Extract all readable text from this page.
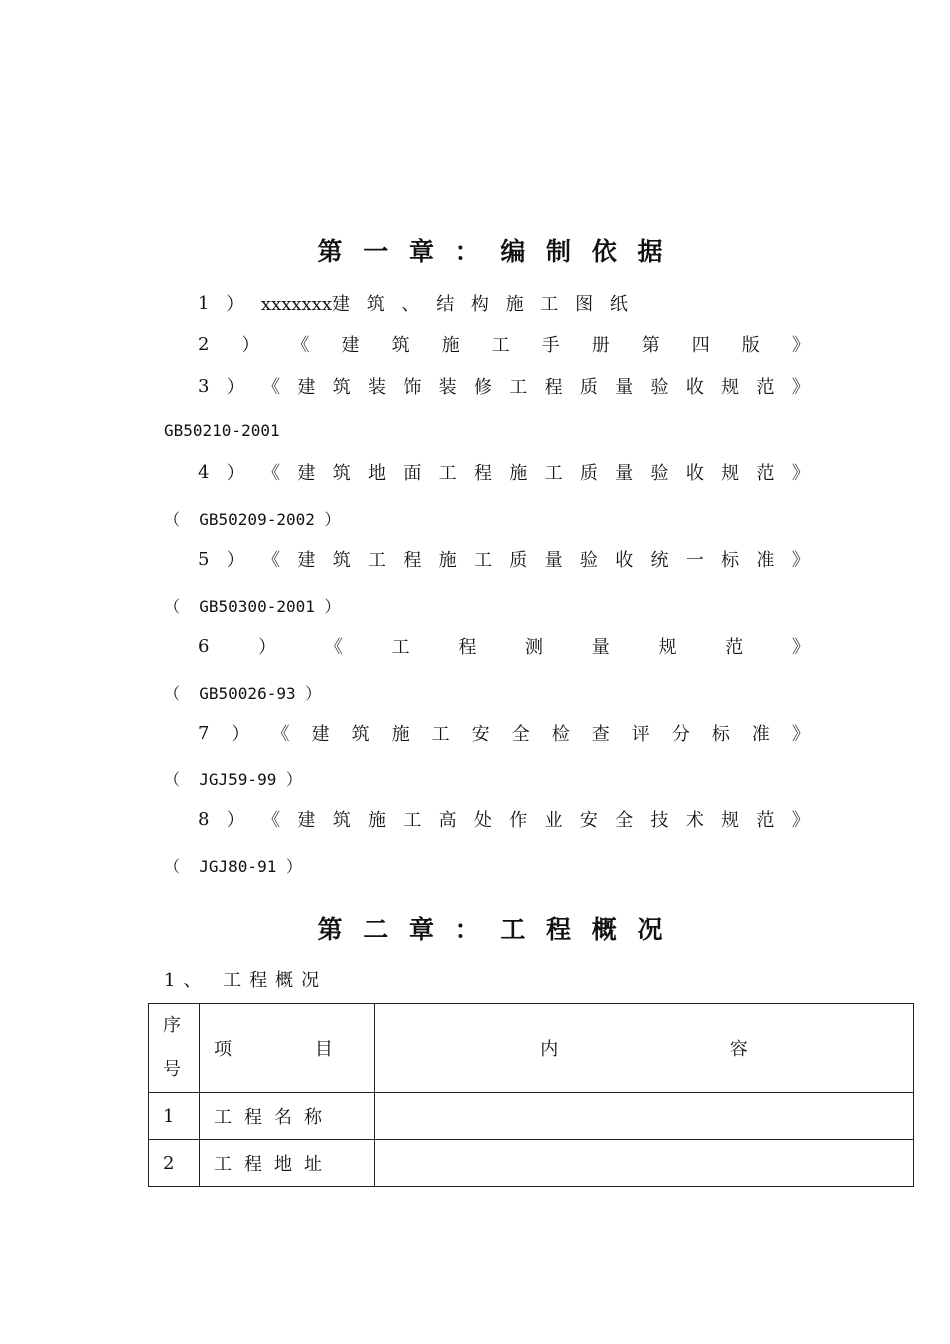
第 一 章 ： 编 制 依 据
1 ） xxxxxxx建 筑 、 结 构 施 工 图 纸
2 ） 《 建 筑 施 工 手 册 第 四 版 》
3 ） 《 建 筑 装 饰 装 修 工 程 质 量 验 收 规 范 》
GB50210-2001
4 ） 《 建 筑 地 面 工 程 施 工 质 量 验 收 规 范 》
（  GB50209-2002 ）
5 ） 《 建 筑 工 程 施 工 质 量 验 收 统 一 标 准 》
（  GB50300-2001 ）
6	）	《	工	程	测	量	规	范	》
（  GB50026-93 ）
7 ） 《 建 筑 施 工 安 全 检 查 评 分 标 准 》
（  JGJ59-99 ）
8 ） 《 建 筑 施 工 高 处 作 业 安 全 技 术 规 范 》
（  JGJ80-91 ）
第 二 章 ： 工 程 概 况
1、 工程概况
序
号	项    目	内 容
1	工程名称	
2	工程地址	
